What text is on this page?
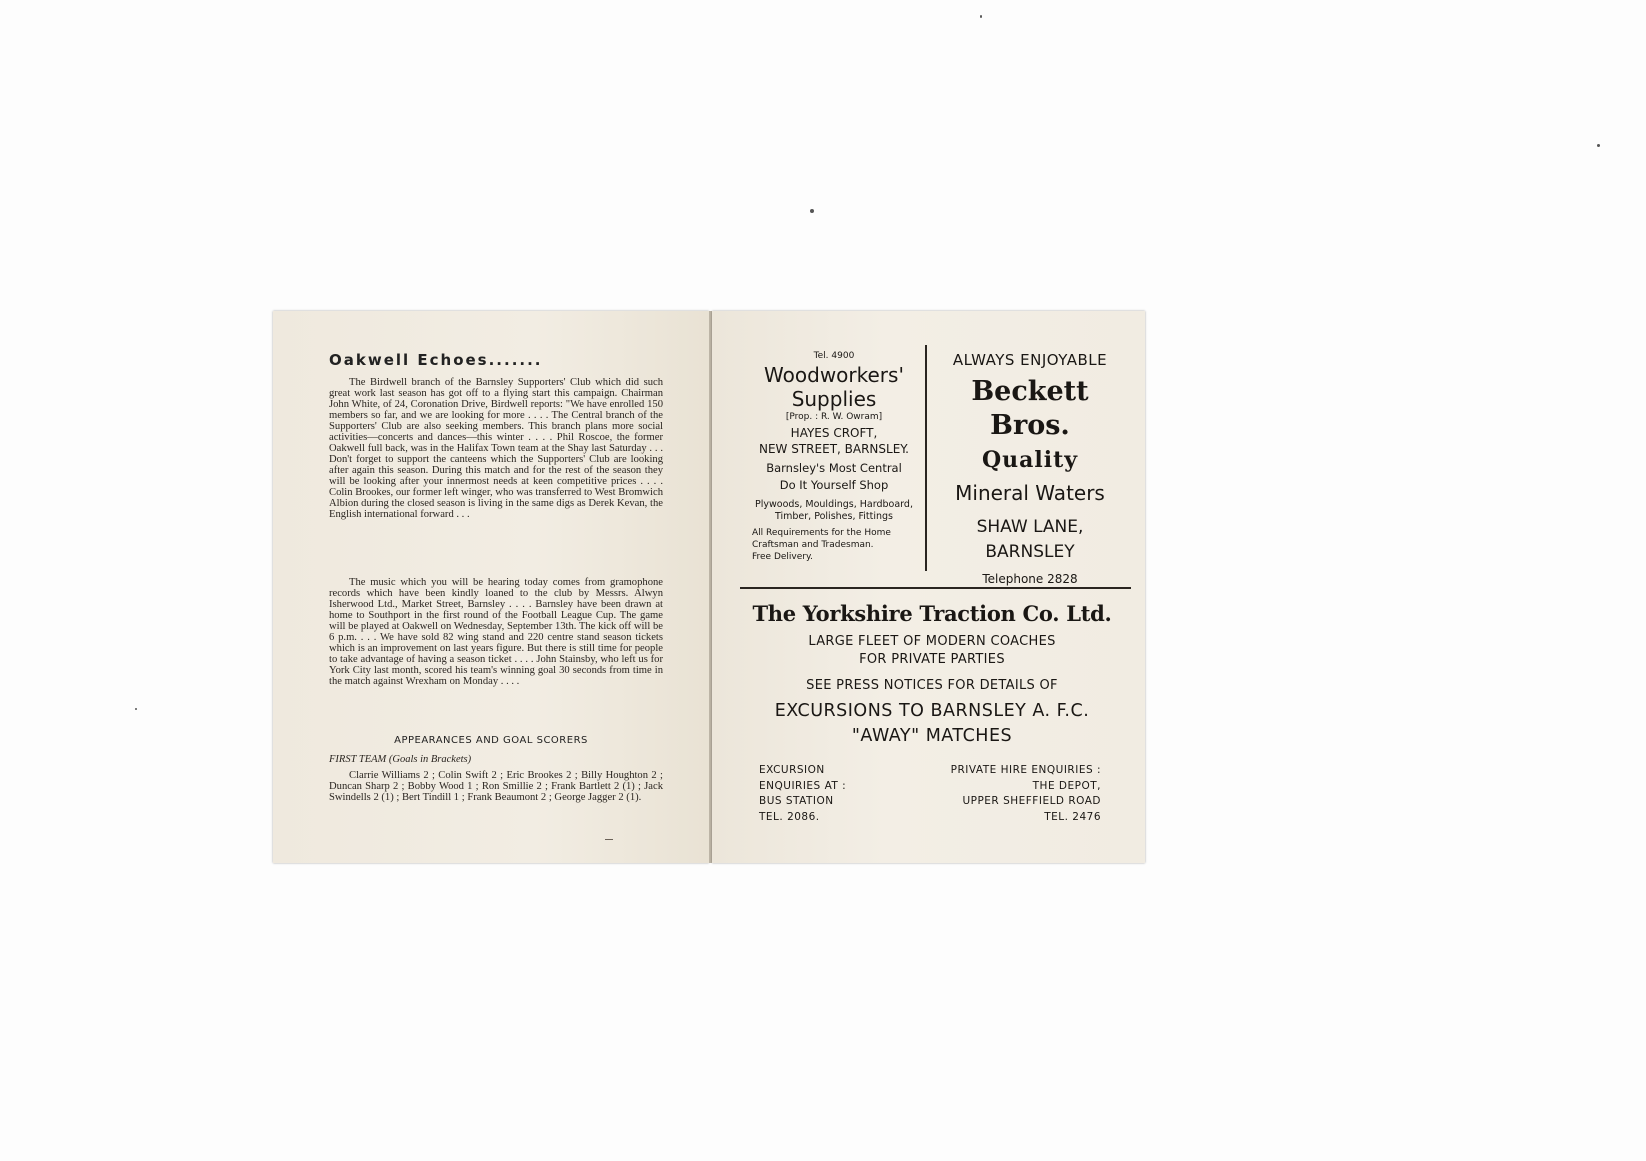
Oakwell Echoes.......

The Birdwell branch of the Barnsley Supporters' Club which did such great work last season has got off to a flying start this campaign. Chairman John White, of 24, Coronation Drive, Birdwell reports: "We have enrolled 150 members so far, and we are looking for more . . . . The Central branch of the Supporters' Club are also seeking members. This branch plans more social activities—concerts and dances—this winter . . . . Phil Roscoe, the former Oakwell full back, was in the Halifax Town team at the Shay last Saturday . . . Don't forget to support the canteens which the Supporters' Club are looking after again this season. During this match and for the rest of the season they will be looking after your innermost needs at keen competitive prices . . . . Colin Brookes, our former left winger, who was transferred to West Bromwich Albion during the closed season is living in the same digs as Derek Kevan, the English international forward . . .

The music which you will be hearing today comes from gramophone records which have been kindly loaned to the club by Messrs. Alwyn Isherwood Ltd., Market Street, Barnsley . . . . Barnsley have been drawn at home to Southport in the first round of the Football League Cup. The game will be played at Oakwell on Wednesday, September 13th. The kick off will be 6 p.m. . . . We have sold 82 wing stand and 220 centre stand season tickets which is an improvement on last years figure. But there is still time for people to take advantage of having a season ticket . . . . John Stainsby, who left us for York City last month, scored his team's winning goal 30 seconds from time in the match against Wrexham on Monday . . . .

APPEARANCES AND GOAL SCORERS
FIRST TEAM (Goals in Brackets)

Clarrie Williams 2 ; Colin Swift 2 ; Eric Brookes 2 ; Billy Houghton 2 ; Duncan Sharp 2 ; Bobby Wood 1 ; Ron Smillie 2 ; Frank Bartlett 2 (1) ; Jack Swindells 2 (1) ; Bert Tindill 1 ; Frank Beaumont 2 ; George Jagger 2 (1).

Tel. 4900
Woodworkers'
Supplies
[Prop. : R. W. Owram]
HAYES CROFT,
NEW STREET, BARNSLEY.
Barnsley's Most Central
Do It Yourself Shop
Plywoods, Mouldings, Hardboard,
Timber, Polishes, Fittings
All Requirements for the Home
Craftsman and Tradesman.
Free Delivery.
ALWAYS ENJOYABLE
Beckett Bros.
Quality
Mineral Waters
SHAW LANE,
BARNSLEY
Telephone 2828
The Yorkshire Traction Co. Ltd.
LARGE FLEET OF MODERN COACHES
FOR PRIVATE PARTIES
SEE PRESS NOTICES FOR DETAILS OF
EXCURSIONS TO BARNSLEY A. F.C.
"AWAY" MATCHES
EXCURSION
ENQUIRIES AT :
BUS STATION
TEL. 2086.
PRIVATE HIRE ENQUIRIES :
THE DEPOT,
UPPER SHEFFIELD ROAD
TEL. 2476
